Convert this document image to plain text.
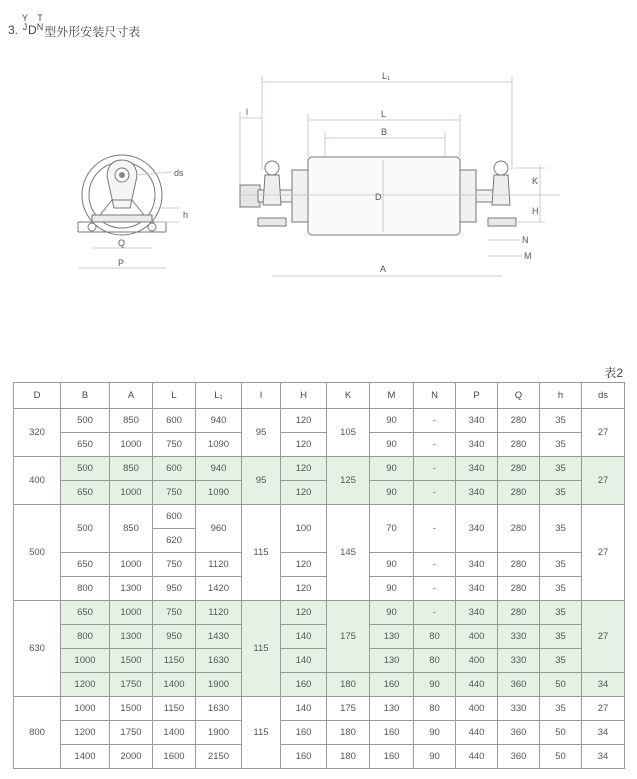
3.
Y
J D
T
N 型外形安装尺寸表
ds
h
Q
P
L₁
l	L
B
D
K
H
N
M
A
表2
D	B	A	L	L₁	l	H	K	M	N	P	Q	h	ds
320	500	850	600	940	95	120	105	90	-	340	280	35	27
	650	1000	750	1090		120		90	-	340	280	35	
400	500	850	600	940	95	120	125	90	-	340	280	35	27
	650	1000	750	1090		120		90	-	340	280	35	
500	500	850	600	960	115	100	145	70	-	340	280	35	27
			620										
	650	1000	750	1120		120		90	-	340	280	35	
	800	1300	950	1420		120		90	-	340	280	35	
630	650	1000	750	1120	115	120	175	90	-	340	280	35	27
	800	1300	950	1430		140		130	80	400	330	35	
	1000	1500	1150	1630		140		130	80	400	330	35	
	1200	1750	1400	1900		160	180	160	90	440	360	50	34
800	1000	1500	1150	1630	115	140	175	130	80	400	330	35	27
	1200	1750	1400	1900		160	180	160	90	440	360	50	34
	1400	2000	1600	2150		160	180	160	90	440	360	50	34
